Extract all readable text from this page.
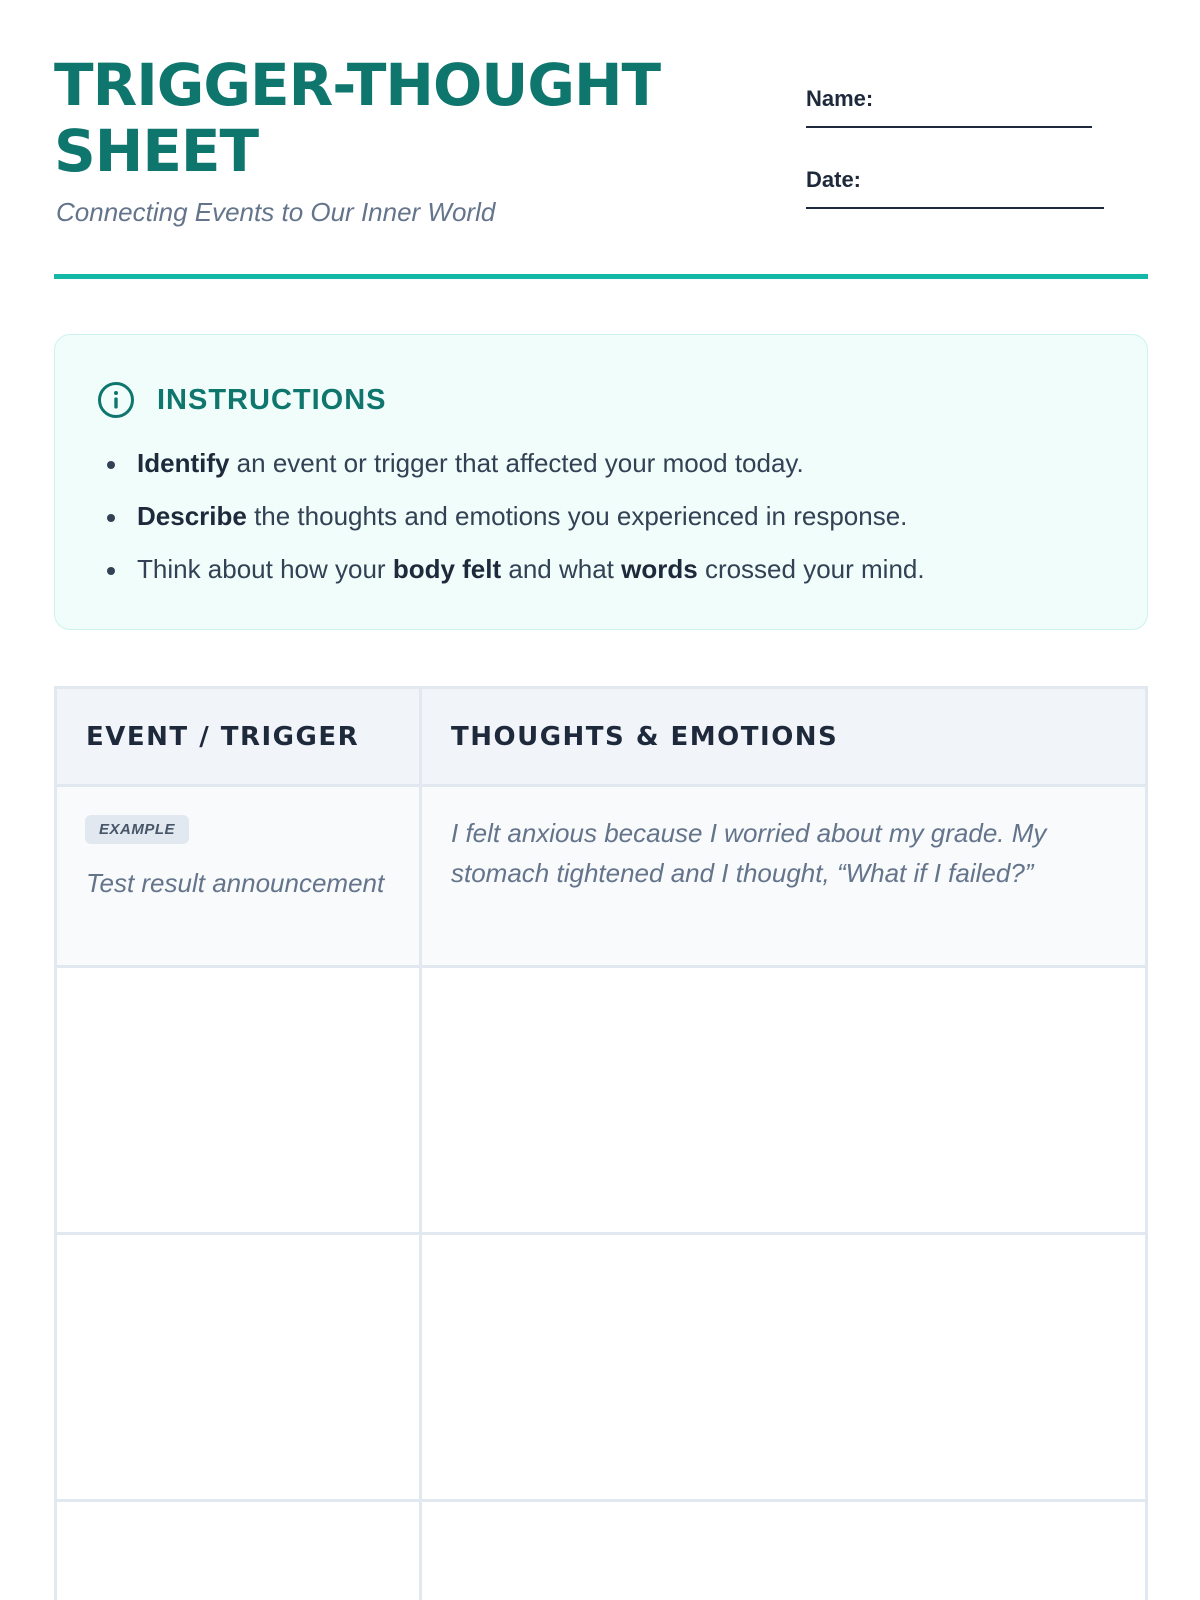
TRIGGER-THOUGHT
SHEET
Connecting Events to Our Inner World
Name:
Date:
INSTRUCTIONS
Identify an event or trigger that affected your mood today.
Describe the thoughts and emotions you experienced in response.
Think about how your body felt and what words crossed your mind.
EVENT / TRIGGER	THOUGHTS & EMOTIONS
EXAMPLE
Test result announcement
I felt anxious because I worried about my grade. My stomach tightened and I thought, “What if I failed?”
